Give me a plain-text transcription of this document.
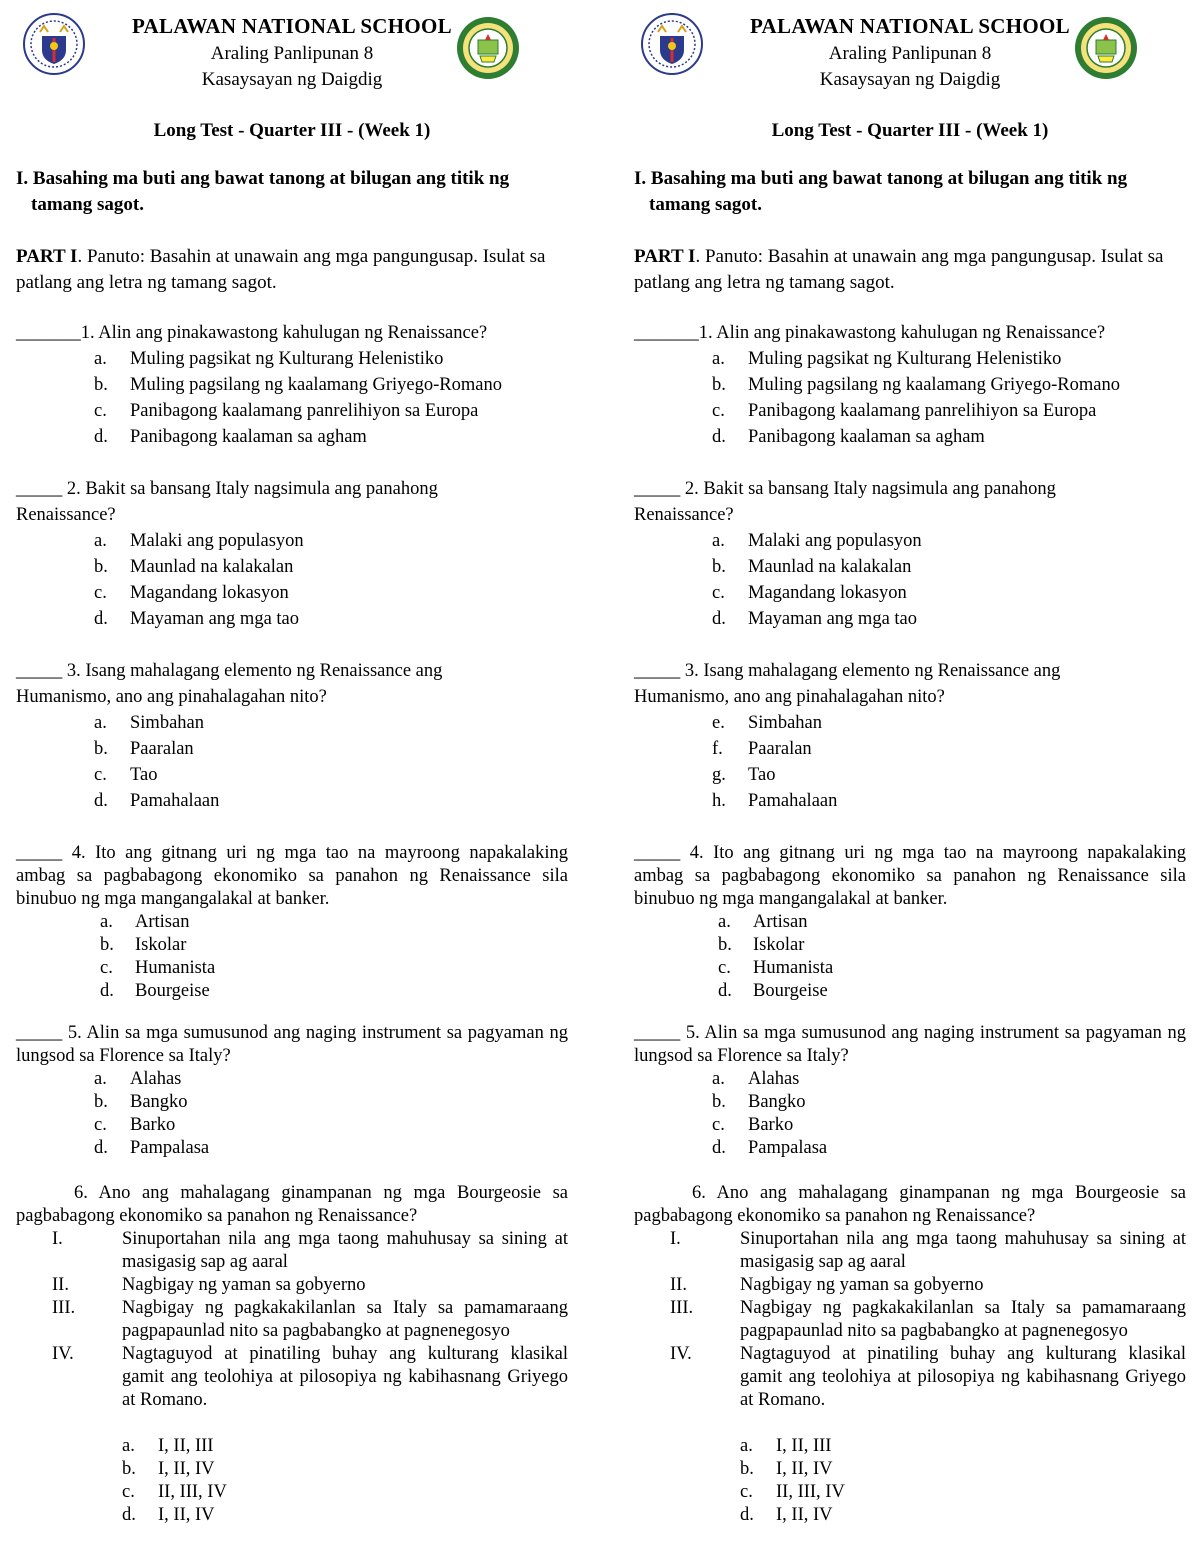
PALAWAN NATIONAL SCHOOL
Araling Panlipunan 8
Kasaysayan ng Daigdig
Long Test - Quarter III - (Week 1)
I. Basahing ma buti ang bawat tanong at bilugan ang titik ng
tamang sagot.
PART I. Panuto: Basahin at unawain ang mga pangungusap. Isulat sa patlang ang letra ng tamang sagot.
_______1. Alin ang pinakawastong kahulugan ng Renaissance?
a. Muling pagsikat ng Kulturang Helenistiko
b. Muling pagsilang ng kaalamang Griyego-Romano
c. Panibagong kaalamang panrelihiyon sa Europa
d. Panibagong kaalaman sa agham
_____ 2. Bakit sa bansang Italy nagsimula ang panahong Renaissance?
a. Malaki ang populasyon
b. Maunlad na kalakalan
c. Magandang lokasyon
d. Mayaman ang mga tao
_____ 3. Isang mahalagang elemento ng Renaissance ang Humanismo, ano ang pinahalagahan nito?
a. Simbahan
b. Paaralan
c. Tao
d. Pamahalaan
_____ 4. Ito ang gitnang uri ng mga tao na mayroong napakalaking ambag sa pagbabagong ekonomiko sa panahon ng Renaissance sila binubuo ng mga mangangalakal at banker.
a. Artisan
b. Iskolar
c. Humanista
d. Bourgeise
_____ 5. Alin sa mga sumusunod ang naging instrument sa pagyaman ng lungsod sa Florence sa Italy?
a. Alahas
b. Bangko
c. Barko
d. Pampalasa
6. Ano ang mahalagang ginampanan ng mga Bourgeosie sa pagbabagong ekonomiko sa panahon ng Renaissance?
I.	Sinuportahan nila ang mga taong mahuhusay sa sining at masigasig sap ag aaral
II.	Nagbigay ng yaman sa gobyerno
III.	Nagbigay ng pagkakakilanlan sa Italy sa pamamaraang pagpapaunlad nito sa pagbabangko at pagnenegosyo
IV.	Nagtaguyod at pinatiling buhay ang kulturang klasikal gamit ang teolohiya at pilosopiya ng kabihasnang Griyego at Romano.
a. I, II, III
b. I, II, IV
c. II, III, IV
d. I, II, IV
PALAWAN NATIONAL SCHOOL
Araling Panlipunan 8
Kasaysayan ng Daigdig
Long Test - Quarter III - (Week 1)
I. Basahing ma buti ang bawat tanong at bilugan ang titik ng
tamang sagot.
PART I. Panuto: Basahin at unawain ang mga pangungusap. Isulat sa patlang ang letra ng tamang sagot.
_______1. Alin ang pinakawastong kahulugan ng Renaissance?
a. Muling pagsikat ng Kulturang Helenistiko
b. Muling pagsilang ng kaalamang Griyego-Romano
c. Panibagong kaalamang panrelihiyon sa Europa
d. Panibagong kaalaman sa agham
_____ 2. Bakit sa bansang Italy nagsimula ang panahong Renaissance?
a. Malaki ang populasyon
b. Maunlad na kalakalan
c. Magandang lokasyon
d. Mayaman ang mga tao
_____ 3. Isang mahalagang elemento ng Renaissance ang Humanismo, ano ang pinahalagahan nito?
e. Simbahan
f. Paaralan
g. Tao
h. Pamahalaan
_____ 4. Ito ang gitnang uri ng mga tao na mayroong napakalaking ambag sa pagbabagong ekonomiko sa panahon ng Renaissance sila binubuo ng mga mangangalakal at banker.
a. Artisan
b. Iskolar
c. Humanista
d. Bourgeise
_____ 5. Alin sa mga sumusunod ang naging instrument sa pagyaman ng lungsod sa Florence sa Italy?
a. Alahas
b. Bangko
c. Barko
d. Pampalasa
6. Ano ang mahalagang ginampanan ng mga Bourgeosie sa pagbabagong ekonomiko sa panahon ng Renaissance?
I.	Sinuportahan nila ang mga taong mahuhusay sa sining at masigasig sap ag aaral
II.	Nagbigay ng yaman sa gobyerno
III.	Nagbigay ng pagkakakilanlan sa Italy sa pamamaraang pagpapaunlad nito sa pagbabangko at pagnenegosyo
IV.	Nagtaguyod at pinatiling buhay ang kulturang klasikal gamit ang teolohiya at pilosopiya ng kabihasnang Griyego at Romano.
a. I, II, III
b. I, II, IV
c. II, III, IV
d. I, II, IV
